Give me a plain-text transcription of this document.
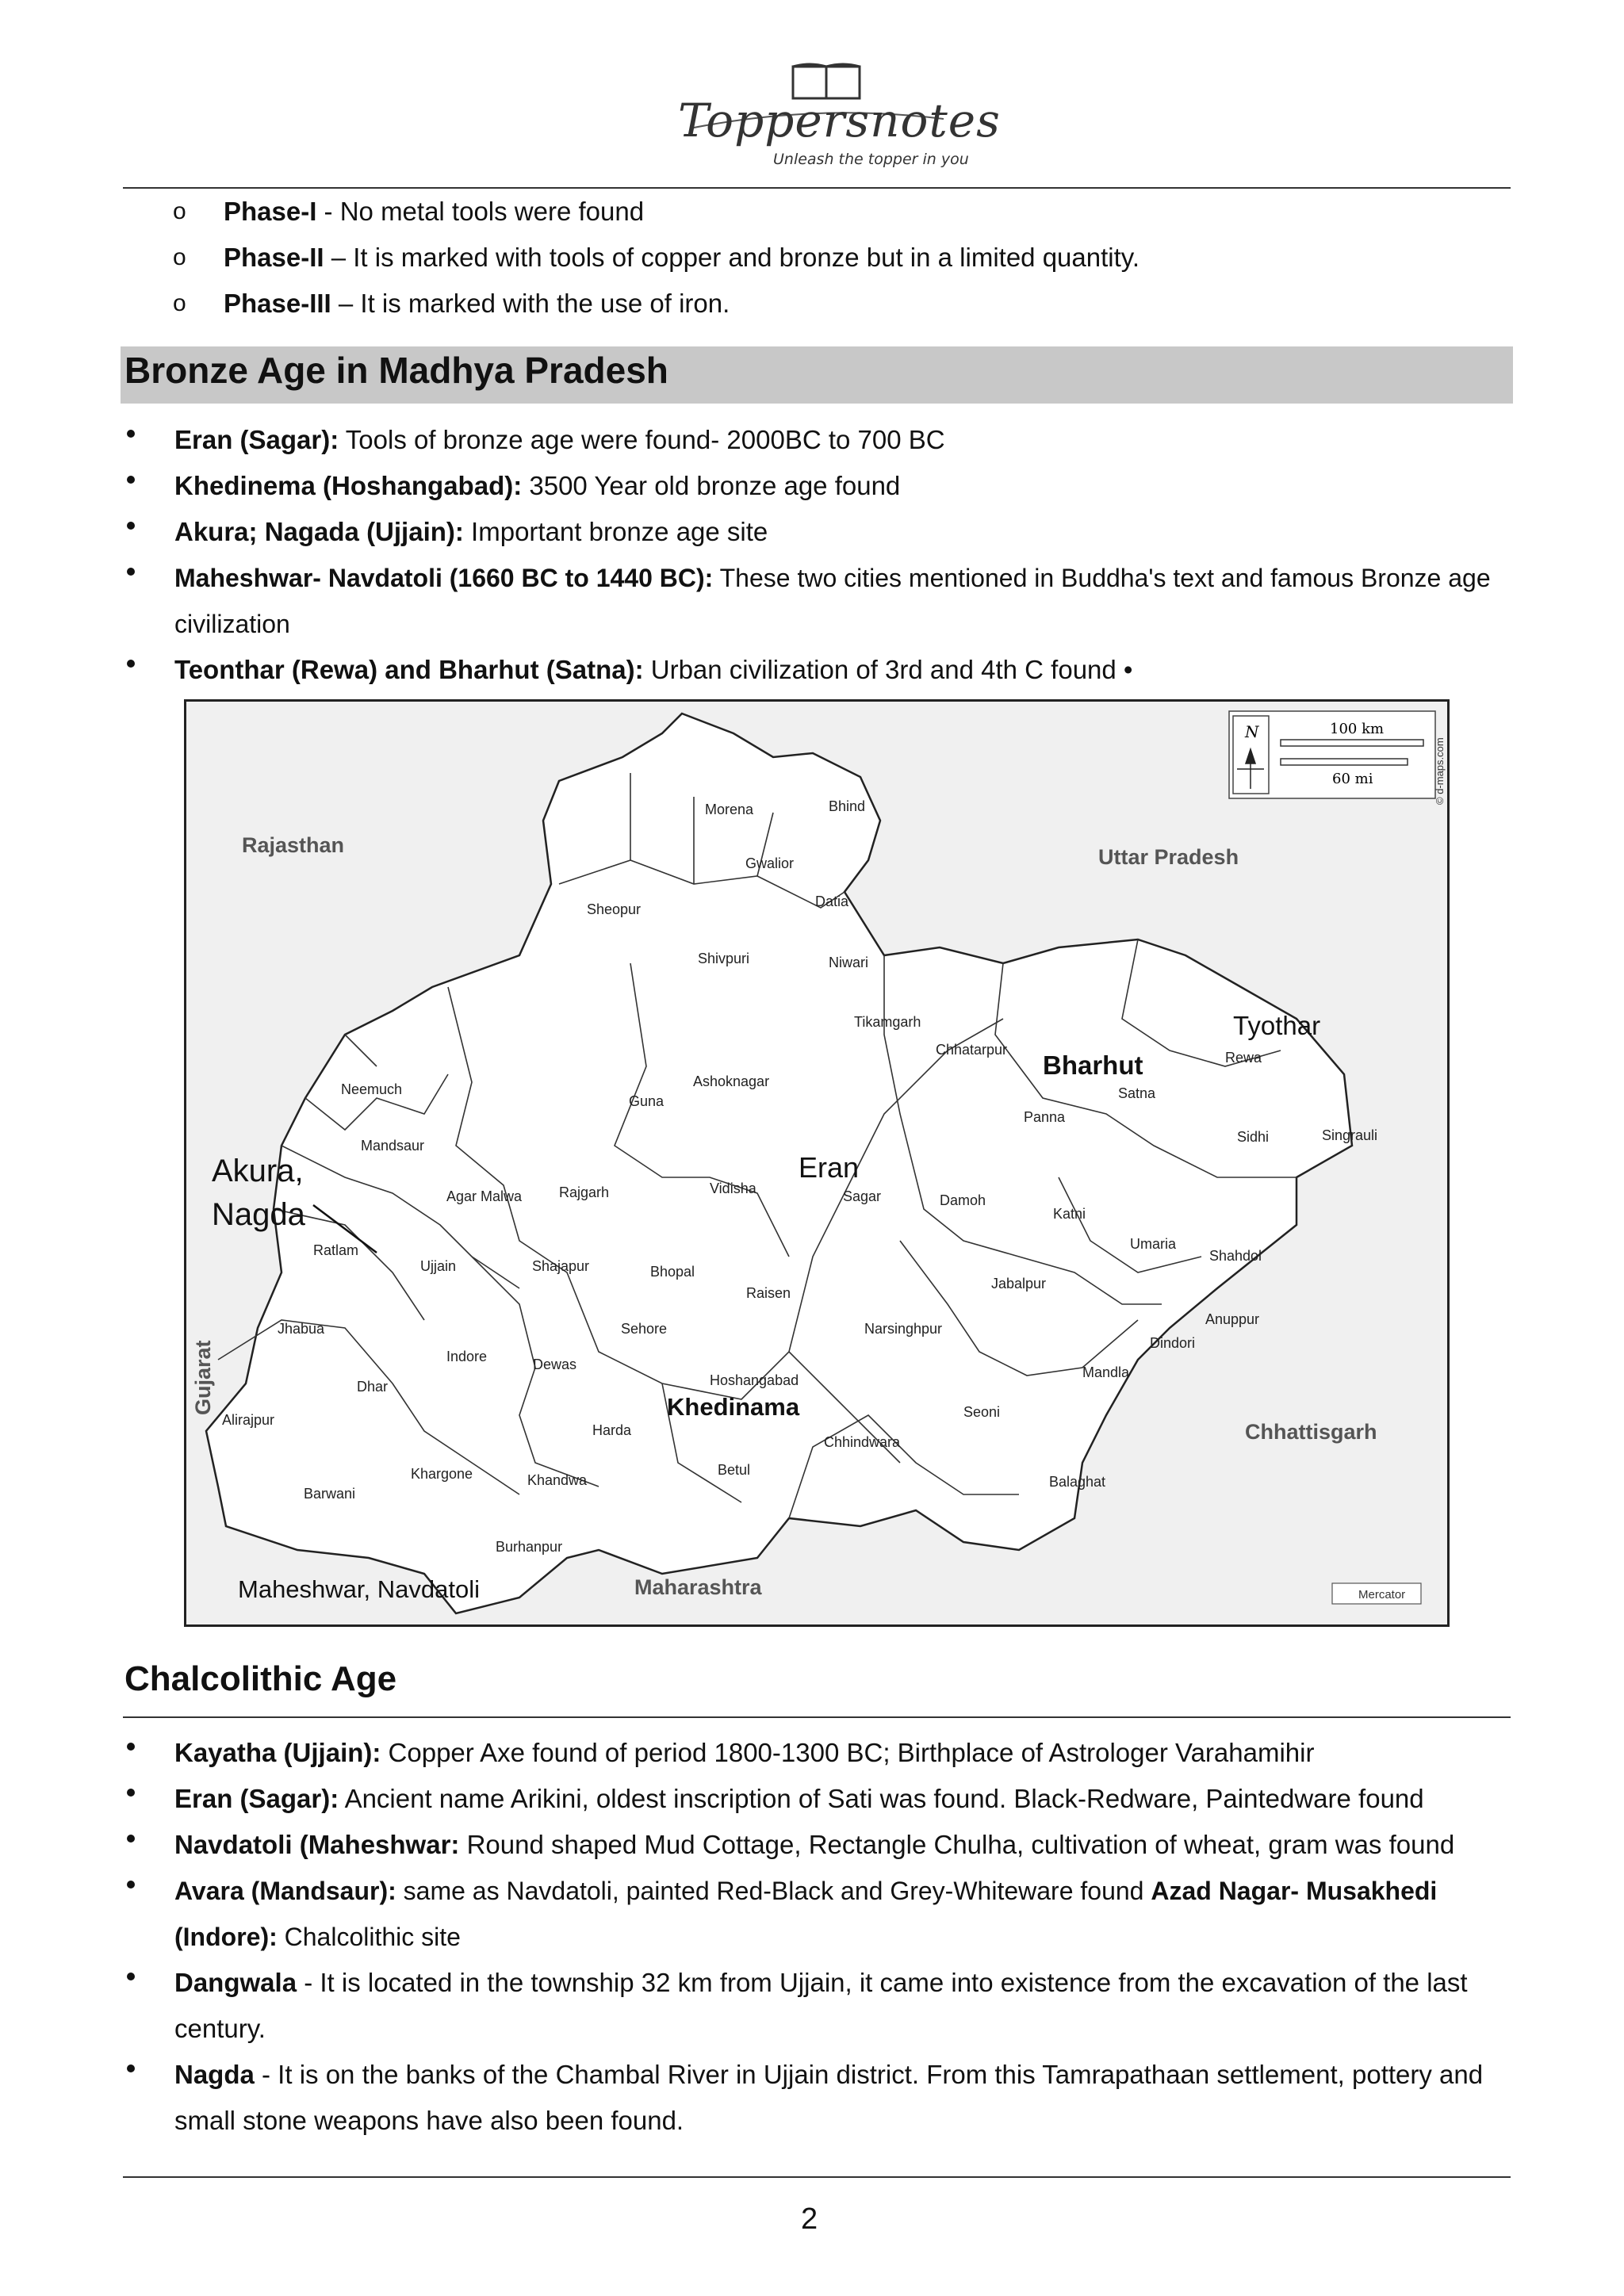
Toppersnotes
Unleash the topper in you
o Phase-I - No metal tools were found
o Phase-II – It is marked with tools of copper and bronze but in a limited quantity.
o Phase-III – It is marked with the use of iron.
Bronze Age in Madhya Pradesh
Eran (Sagar): Tools of bronze age were found- 2000BC to 700 BC
Khedinema (Hoshangabad): 3500 Year old bronze age found
Akura; Nagada (Ujjain): Important bronze age site
Maheshwar- Navdatoli (1660 BC to 1440 BC): These two cities mentioned in Buddha's text and famous Bronze age civilization
Teonthar (Rewa) and Bharhut (Satna): Urban civilization of 3rd and 4th C found •
Rajasthan	Uttar Pradesh
Chhattisgarh
Maharashtra
Gujarat
Morena	Bhind
Gwalior
Datia
Sheopur
Shivpuri	Niwari
Tikamgarh
Chhatarpur
Panna
Satna
Rewa
Sidhi	Singrauli
Neemuch
Mandsaur
Guna
Ashoknagar
Agar Malwa	Rajgarh	Vidisha	Sagar	Damoh
Katni
Umaria
Shahdol
Ratlam
Ujjain	Shajapur	Bhopal
Raisen
Jabalpur
Anuppur
Dindori
Jhabua	Sehore	Narsinghpur
Indore	Dewas
Dhar	Hoshangabad	Mandla
Alirajpur
Harda
Seoni
Chhindwara
Khargone	Betul
Balaghat
Barwani
Khandwa
Burhanpur
Tyothar
Bharhut
Eran
Akura,
Nagda
Khedinama
Maheshwar, Navdatoli
N	100 km
60 mi	© d-maps.com
Mercator
Chalcolithic Age
Kayatha (Ujjain): Copper Axe found of period 1800-1300 BC; Birthplace of Astrologer Varahamihir
Eran (Sagar): Ancient name Arikini, oldest inscription of Sati was found. Black-Redware, Paintedware found
Navdatoli (Maheshwar: Round shaped Mud Cottage, Rectangle Chulha, cultivation of wheat, gram was found
Avara (Mandsaur): same as Navdatoli, painted Red-Black and Grey-Whiteware found Azad Nagar- Musakhedi (Indore): Chalcolithic site
Dangwala - It is located in the township 32 km from Ujjain, it came into existence from the excavation of the last century.
Nagda - It is on the banks of the Chambal River in Ujjain district. From this Tamrapathaan settlement, pottery and small stone weapons have also been found.
2
